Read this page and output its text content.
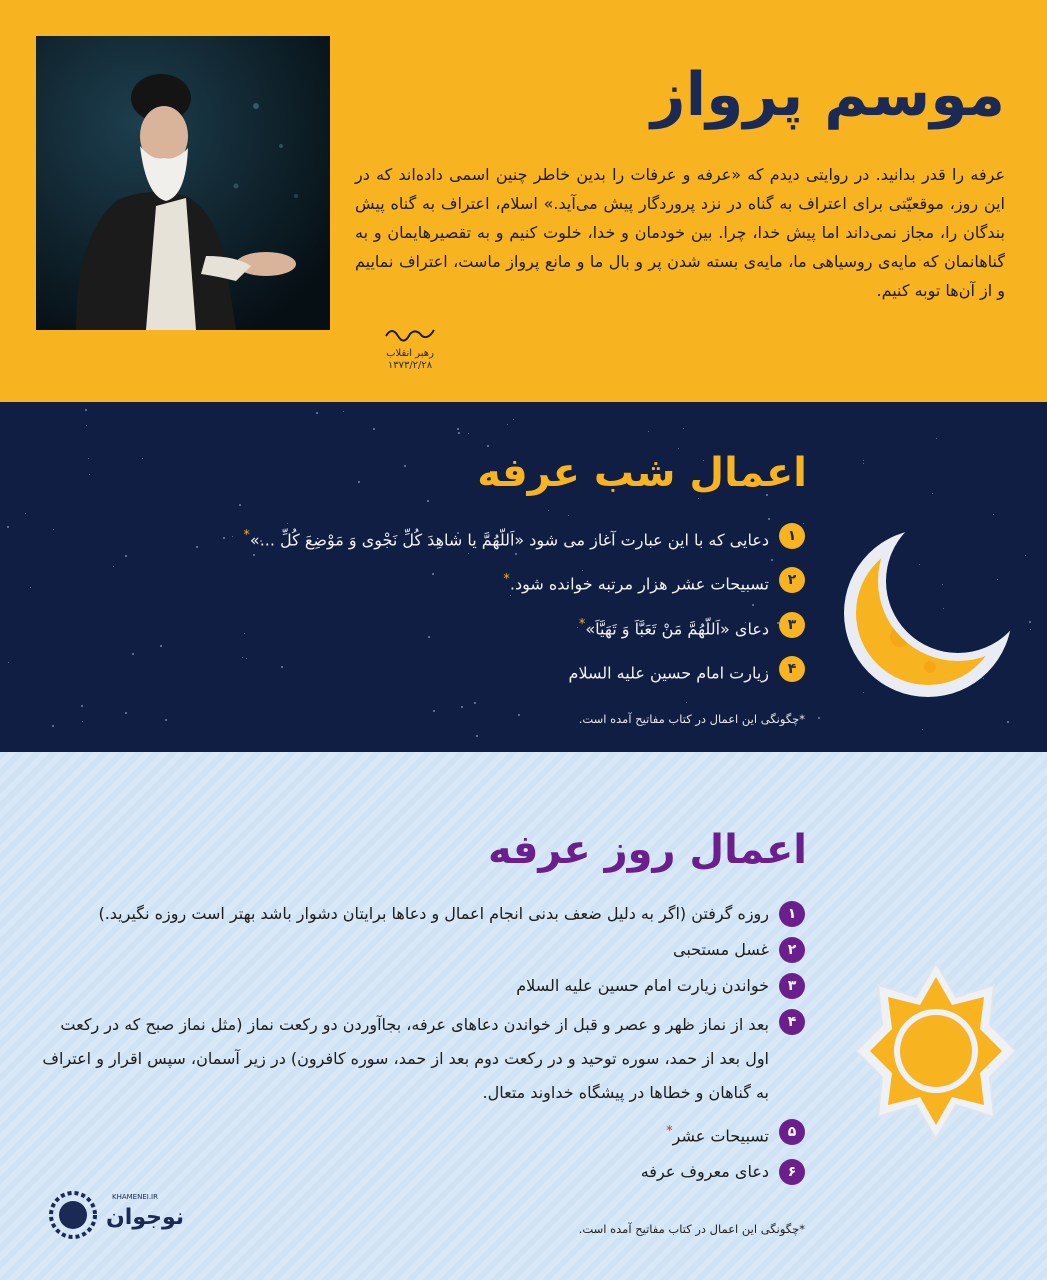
موسم پرواز

عرفه را قدر بدانید. در روایتی دیدم که «عرفه و عرفات را بدین خاطر چنین اسمی داده‌اند که در این روز، موقعیّتی برای اعتراف به گناه در نزد پروردگار پیش می‌آید.» اسلام، اعتراف به گناه پیش بندگان را، مجاز نمی‌داند اما پیش خدا، چرا. بین خودمان و خدا، خلوت کنیم و به تقصیرهایمان و به گناهانمان که مایه‌ی روسیاهی ما، مایه‌ی بسته شدن پر و بال ما و مانع پرواز ماست، اعتراف نماییم و از آن‌ها توبه کنیم.

رهبر انقلاب
۱۳۷۳/۲/۲۸
اعمال شب عرفه
۱
دعایی که با این عبارت آغاز می شود «اَللّهُمَّ یا شاهِدَ کُلِّ نَجْوی وَ مَوْضِعَ کُلِّ ...»*
۲
تسبیحات عشر هزار مرتبه خوانده شود.*
۳
دعای «اَللّهُمَّ مَنْ تَعَبَّاَ وَ تَهَیَّاَ»*
۴
زیارت امام حسین علیه السلام
*چگونگی این اعمال در کتاب مفاتیح آمده است.
اعمال روز عرفه
۱
روزه گرفتن (اگر به دلیل ضعف بدنی انجام اعمال و دعاها برایتان دشوار باشد بهتر است روزه نگیرید.)
۲
غسل مستحبی
۳
خواندن زیارت امام حسین علیه السلام
۴
بعد از نماز ظهر و عصر و قبل از خواندن دعاهای عرفه، بجاآوردن دو رکعت نماز (مثل نماز صبح که در رکعت اول بعد از حمد، سوره توحید و در رکعت دوم بعد از حمد، سوره کافرون) در زیر آسمان، سپس اقرار و اعتراف به گناهان و خطاها در پیشگاه خداوند متعال.
۵
تسبیحات عشر*
۶
دعای معروف عرفه
*چگونگی این اعمال در کتاب مفاتیح آمده است.
نوجوان
KHAMENEI.IR
